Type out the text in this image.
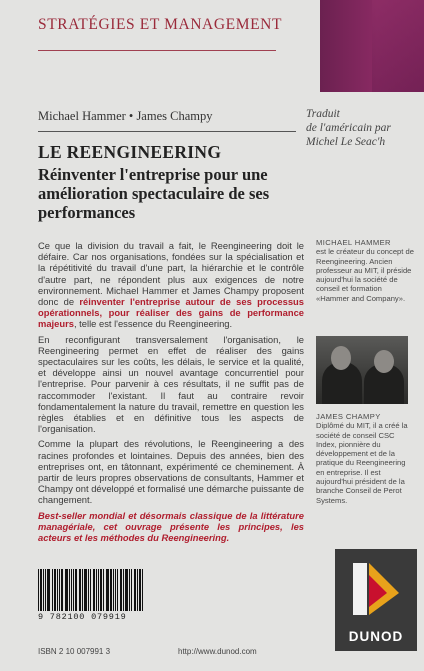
STRATÉGIES ET MANAGEMENT
Michael Hammer • James Champy	Traduit
de l'américain par
Michel Le Seac'h
LE REENGINEERING
Réinventer l'entreprise pour une amélioration spectaculaire de ses performances

Ce que la division du travail a fait, le Reengineering doit le défaire. Car nos organisations, fondées sur la spécialisation et la répétitivité du travail d'une part, la hiérarchie et le contrôle d'autre part, ne répondent plus aux exigences de notre environnement. Michael Hammer et James Champy proposent donc de réinventer l'entreprise autour de ses processus opérationnels, pour réaliser des gains de performance majeurs, telle est l'essence du Reengineering.

En reconfigurant transversalement l'organisation, le Reengineering permet en effet de réaliser des gains spectaculaires sur les coûts, les délais, le service et la qualité, et développe ainsi un nouvel avantage concurrentiel pour l'entreprise. Pour parvenir à ces résultats, il ne suffit pas de raccommoder l'existant. Il faut au contraire revoir fondamentalement la nature du travail, remettre en question les règles établies et en définitive tous les aspects de l'organisation.

Comme la plupart des révolutions, le Reengineering a des racines profondes et lointaines. Depuis des années, bien des entreprises ont, en tâtonnant, expérimenté ce cheminement. À partir de leurs propres observations de consultants, Hammer et Champy ont développé et formalisé une démarche puissante de changement.

Best-seller mondial et désormais classique de la littérature managériale, cet ouvrage présente les principes, les acteurs et les méthodes du Reengineering.

MICHAEL HAMMER
est le créateur du concept de Reengineering. Ancien professeur au MIT, il préside aujourd'hui la société de conseil et formation «Hammer and Company».
JAMES CHAMPY
Diplômé du MIT, il a créé la société de conseil CSC Index, pionnière du développement et de la pratique du Reengineering en entreprise. Il est aujourd'hui président de la branche Conseil de Perot Systems.
9 782100 079919
ISBN 2 10 007991 3	http://www.dunod.com
DUNOD
